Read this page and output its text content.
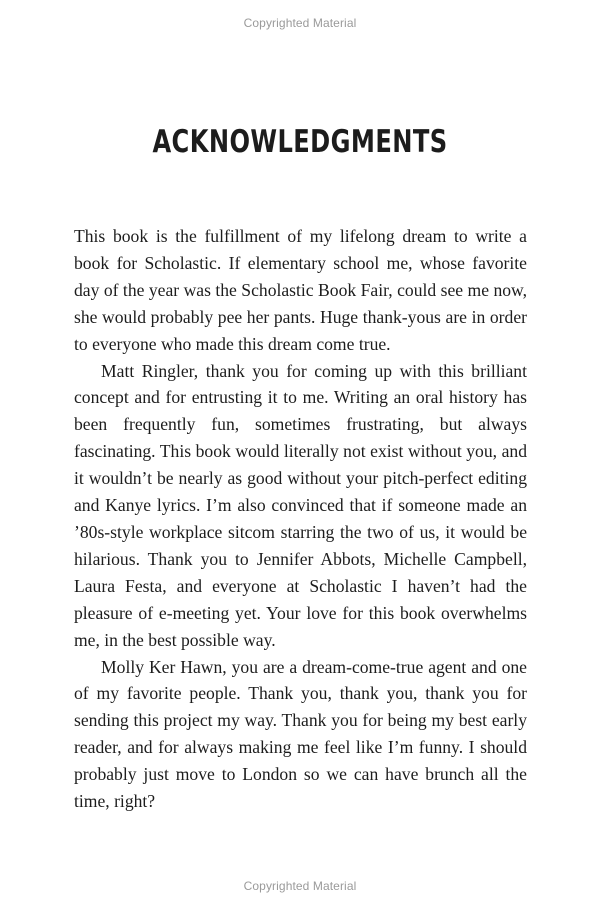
Copyrighted Material
ACKNOWLEDGMENTS

This book is the fulfillment of my lifelong dream to write a book for Scholastic. If elementary school me, whose favorite day of the year was the Scholastic Book Fair, could see me now, she would probably pee her pants. Huge thank-yous are in order to everyone who made this dream come true.

Matt Ringler, thank you for coming up with this brilliant concept and for entrusting it to me. Writing an oral history has been frequently fun, sometimes frustrating, but always fascinating. This book would literally not exist without you, and it wouldn’t be nearly as good without your pitch-perfect editing and Kanye lyrics. I’m also convinced that if someone made an ’80s-style workplace sitcom starring the two of us, it would be hilarious. Thank you to Jennifer Abbots, Michelle Campbell, Laura Festa, and everyone at Scholastic I haven’t had the pleasure of e-meeting yet. Your love for this book overwhelms me, in the best possible way.

Molly Ker Hawn, you are a dream-come-true agent and one of my favorite people. Thank you, thank you, thank you for sending this project my way. Thank you for being my best early reader, and for always making me feel like I’m funny. I should probably just move to London so we can have brunch all the time, right?

Copyrighted Material
